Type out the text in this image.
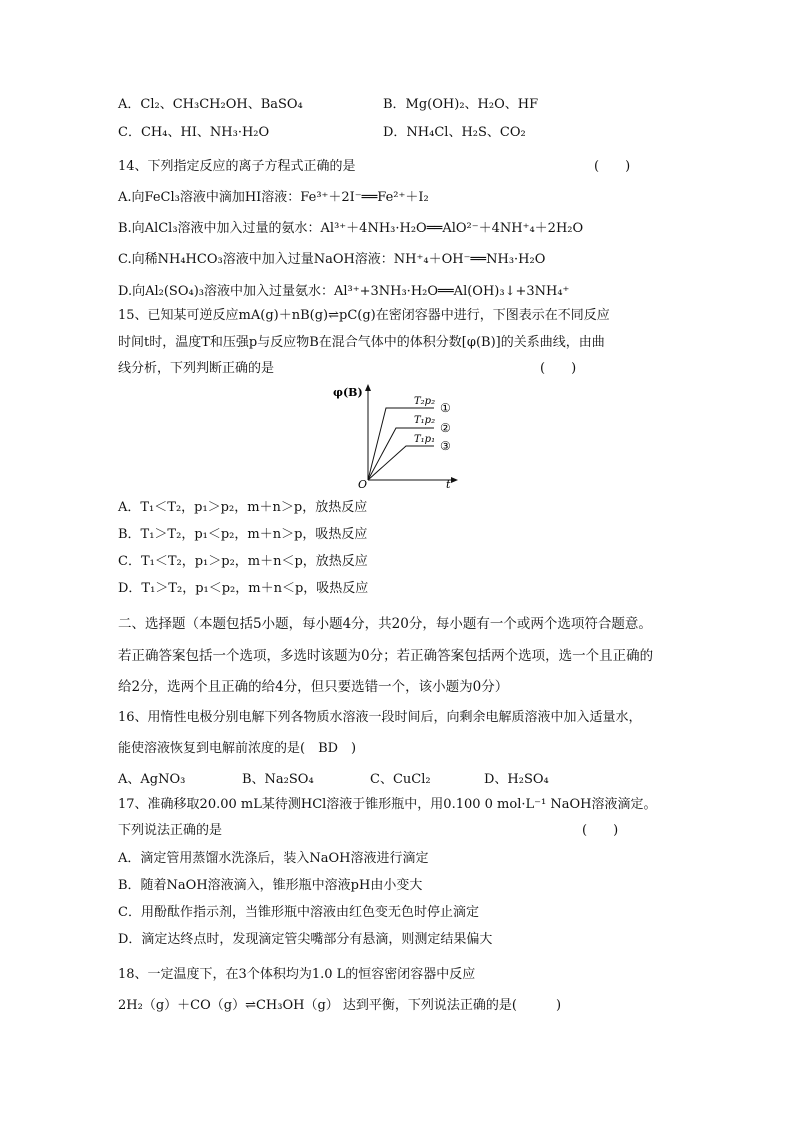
A．Cl₂、CH₃CH₂OH、BaSO₄	B．Mg(OH)₂、H₂O、HF
C．CH₄、HI、NH₃·H₂O	D．NH₄Cl、H₂S、CO₂
14、下列指定反应的离子方程式正确的是	(　　)
A.向FeCl₃溶液中滴加HI溶液：Fe³⁺＋2I⁻══Fe²⁺＋I₂
B.向AlCl₃溶液中加入过量的氨水：Al³⁺＋4NH₃·H₂O══AlO²⁻＋4NH⁺₄＋2H₂O
C.向稀NH₄HCO₃溶液中加入过量NaOH溶液：NH⁺₄＋OH⁻══NH₃·H₂O
D.向Al₂(SO₄)₃溶液中加入过量氨水：Al³⁺+3NH₃·H₂O══Al(OH)₃↓+3NH₄⁺
15、已知某可逆反应mA(g)＋nB(g)⇌pC(g)在密闭容器中进行，下图表示在不同反应
时间t时，温度T和压强p与反应物B在混合气体中的体积分数[φ(B)]的关系曲线，由曲
线分析，下列判断正确的是	(　　)
φ(B)
O	t
T₂p₂
T₁p₂
T₁p₁
①
②
③
A．T₁＜T₂，p₁＞p₂，m＋n＞p，放热反应
B．T₁＞T₂，p₁＜p₂，m＋n＞p，吸热反应
C．T₁＜T₂，p₁＞p₂，m＋n＜p，放热反应
D．T₁＞T₂，p₁＜p₂，m＋n＜p，吸热反应
二、选择题（本题包括5小题，每小题4分，共20分，每小题有一个或两个选项符合题意。
若正确答案包括一个选项，多选时该题为0分；若正确答案包括两个选项，选一个且正确的
给2分，选两个且正确的给4分，但只要选错一个，该小题为0分）
16、用惰性电极分别电解下列各物质水溶液一段时间后，向剩余电解质溶液中加入适量水，
能使溶液恢复到电解前浓度的是(　BD　)
A、AgNO₃	B、Na₂SO₄	C、CuCl₂	D、H₂SO₄
17、准确移取20.00 mL某待测HCl溶液于锥形瓶中，用0.100 0 mol·L⁻¹ NaOH溶液滴定。
下列说法正确的是	(　　)
A．滴定管用蒸馏水洗涤后，装入NaOH溶液进行滴定
B．随着NaOH溶液滴入，锥形瓶中溶液pH由小变大
C．用酚酞作指示剂，当锥形瓶中溶液由红色变无色时停止滴定
D．滴定达终点时，发现滴定管尖嘴部分有悬滴，则测定结果偏大
18、一定温度下，在3个体积均为1.0 L的恒容密闭容器中反应
2H₂（g）＋CO（g）⇌CH₃OH（g） 达到平衡，下列说法正确的是(　　　)
